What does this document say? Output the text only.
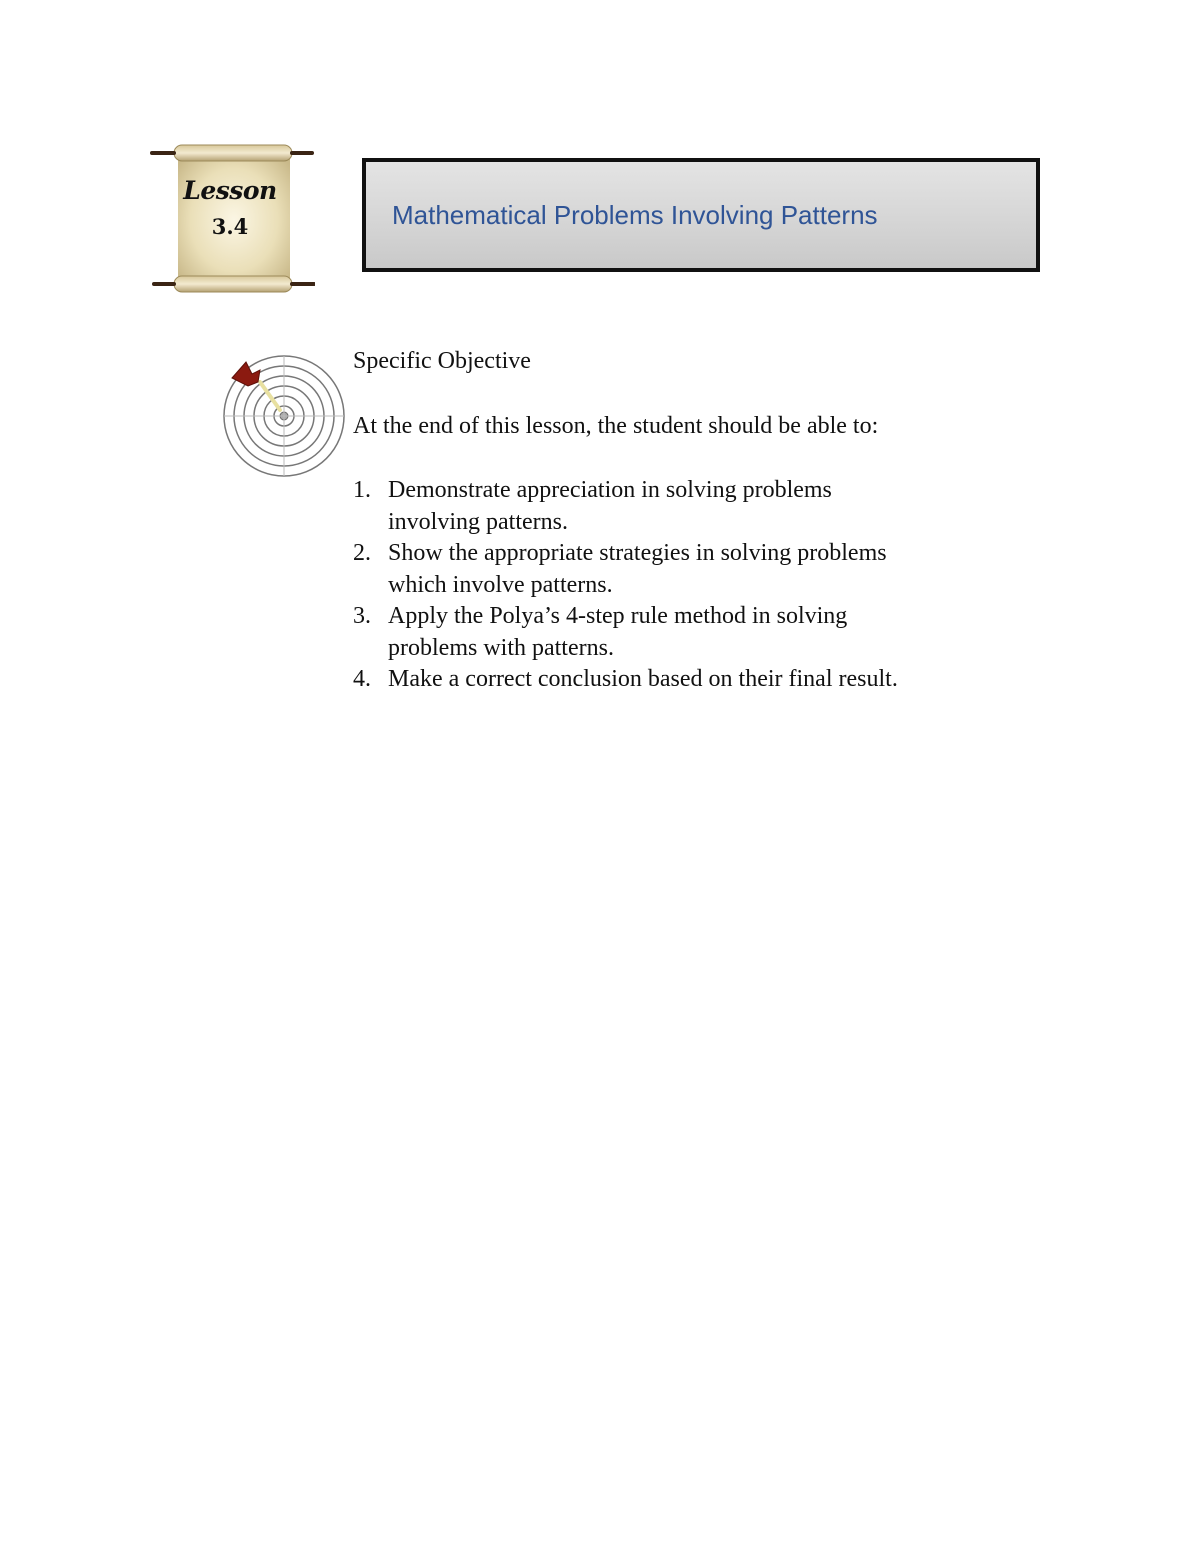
Lesson
3.4	Mathematical Problems Involving Patterns

Specific Objective

At the end of this lesson, the student should be able to:

1. Demonstrate appreciation in solving problems
involving patterns.
2. Show the appropriate strategies in solving problems
which involve patterns.
3. Apply the Polya’s 4-step rule method in solving
problems with patterns.
4. Make a correct conclusion based on their final result.
